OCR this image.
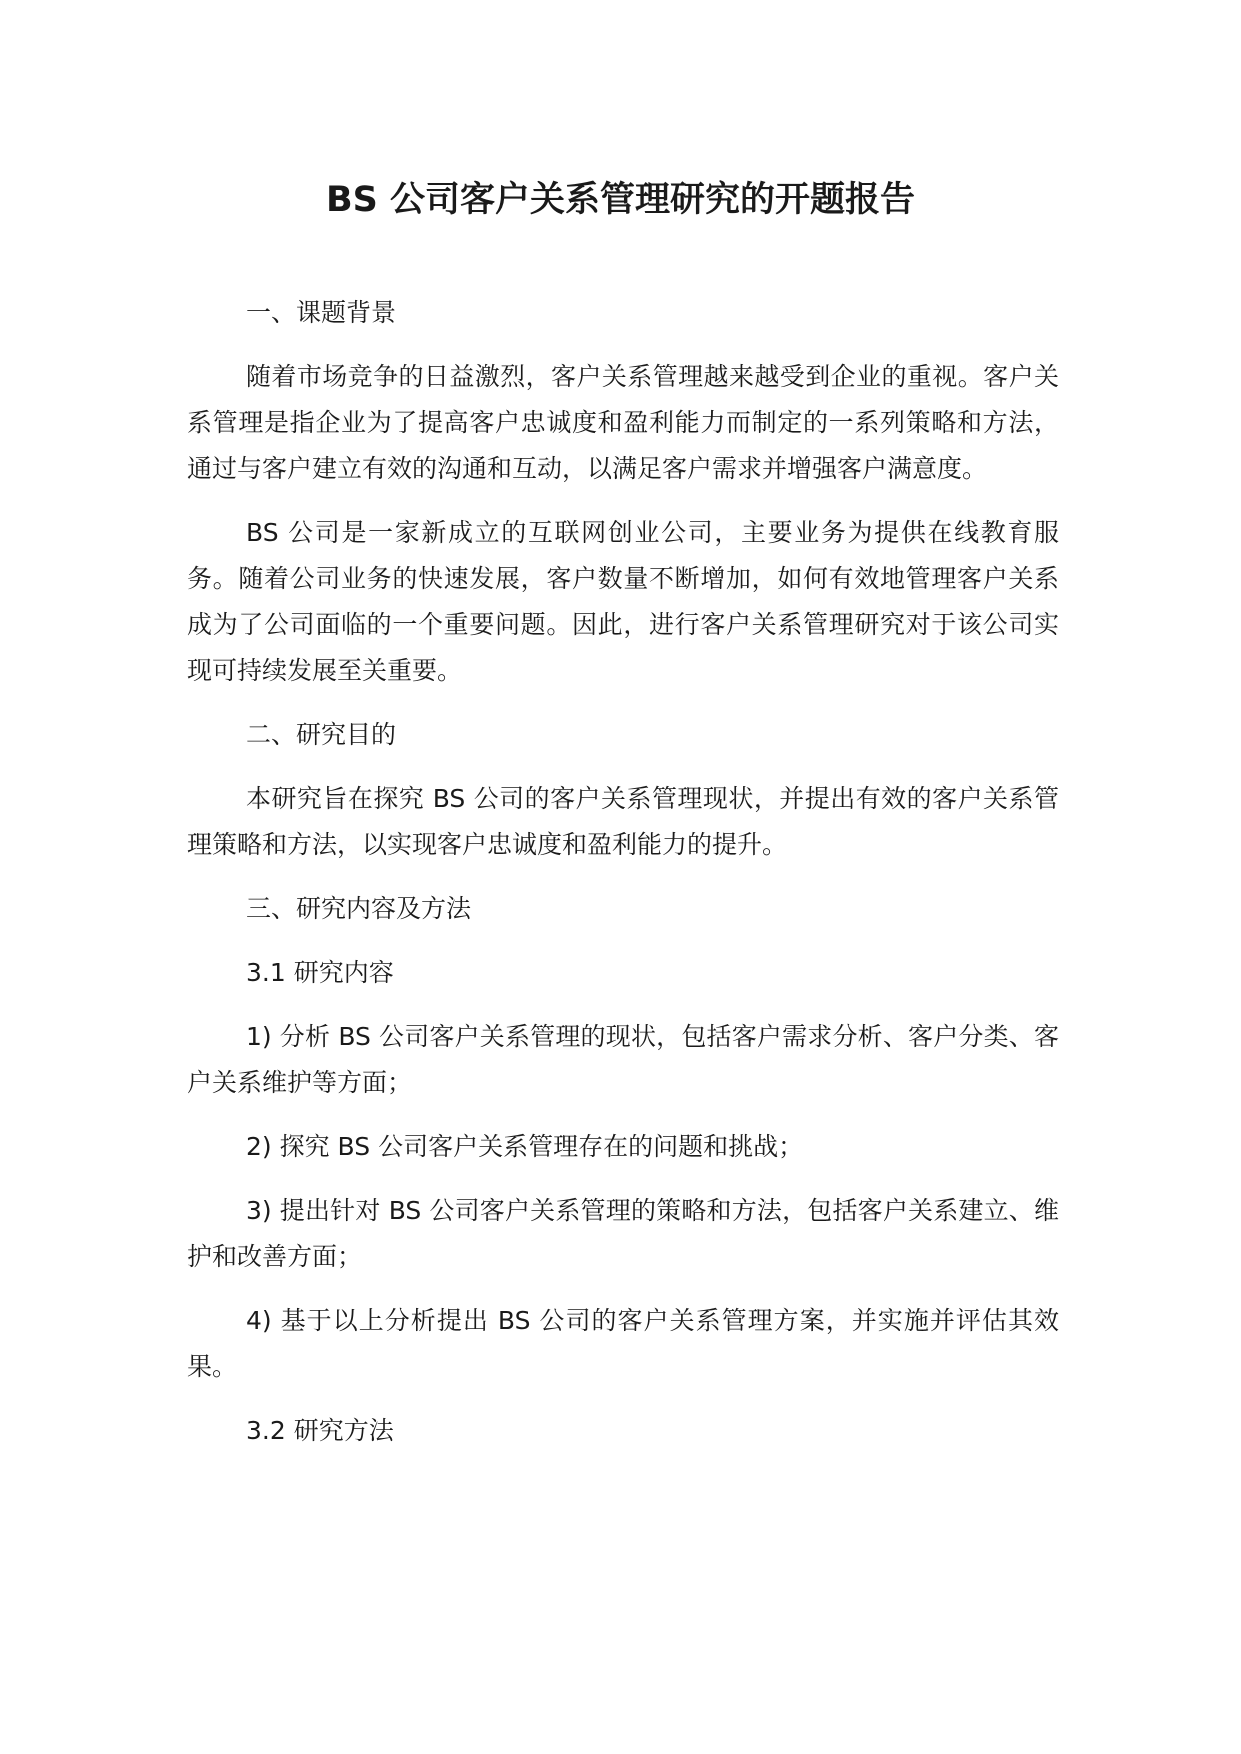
BS 公司客户关系管理研究的开题报告

一、课题背景

随着市场竞争的日益激烈，客户关系管理越来越受到企业的重视。客户关系管理是指企业为了提高客户忠诚度和盈利能力而制定的一系列策略和方法，通过与客户建立有效的沟通和互动，以满足客户需求并增强客户满意度。

BS 公司是一家新成立的互联网创业公司，主要业务为提供在线教育服务。随着公司业务的快速发展，客户数量不断增加，如何有效地管理客户关系成为了公司面临的一个重要问题。因此，进行客户关系管理研究对于该公司实现可持续发展至关重要。

二、研究目的

本研究旨在探究 BS 公司的客户关系管理现状，并提出有效的客户关系管理策略和方法，以实现客户忠诚度和盈利能力的提升。

三、研究内容及方法

3.1 研究内容

1) 分析 BS 公司客户关系管理的现状，包括客户需求分析、客户分类、客户关系维护等方面；

2) 探究 BS 公司客户关系管理存在的问题和挑战；

3) 提出针对 BS 公司客户关系管理的策略和方法，包括客户关系建立、维护和改善方面；

4) 基于以上分析提出 BS 公司的客户关系管理方案，并实施并评估其效果。

3.2 研究方法
